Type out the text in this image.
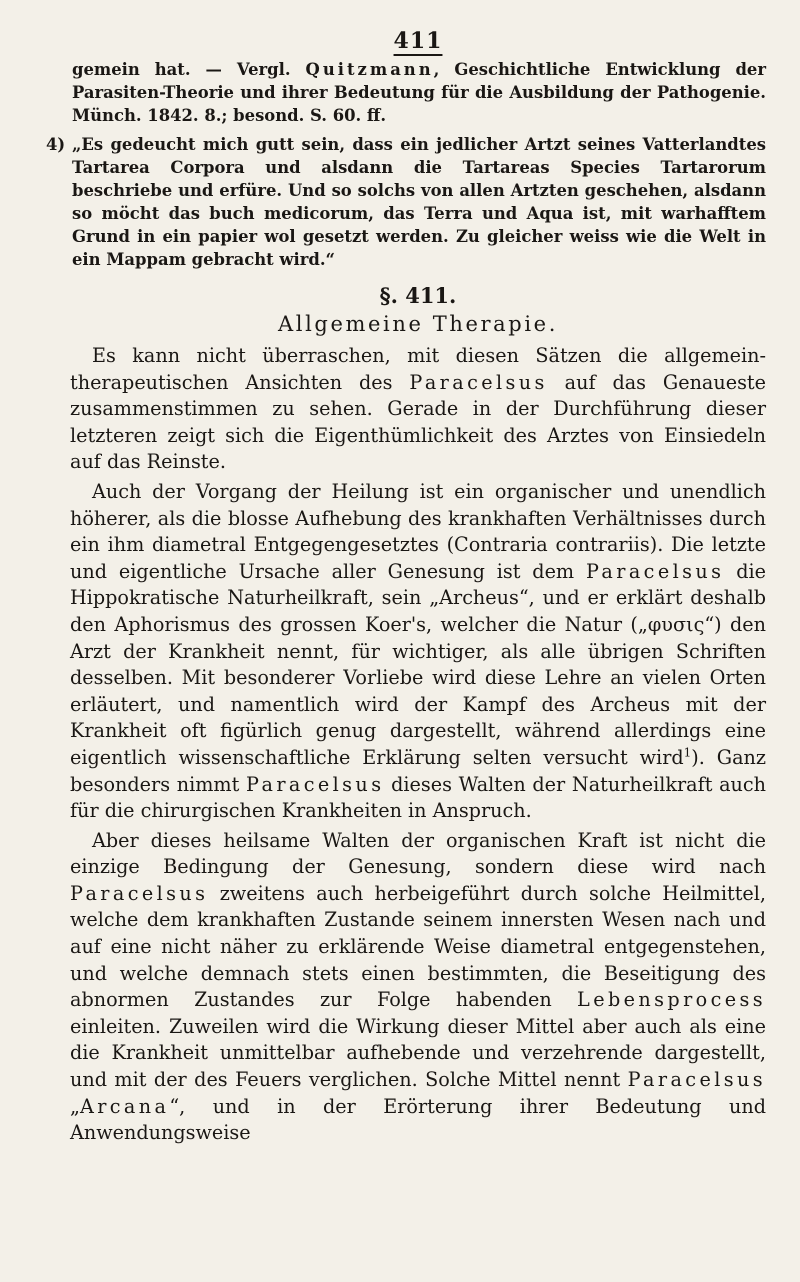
411
gemein hat. — Vergl. Quitzmann, Geschichtliche Entwicklung der Parasiten-Theorie und ihrer Bedeutung für die Ausbildung der Pathogenie. Münch. 1842. 8.; besond. S. 60. ff.
4) „Es gedeucht mich gutt sein, dass ein jedlicher Artzt seines Vatterlandtes Tartarea Corpora und alsdann die Tartareas Species Tartarorum beschriebe und erfüre. Und so solchs von allen Artzten geschehen, alsdann so möcht das buch medicorum, das Terra und Aqua ist, mit warhafftem Grund in ein papier wol gesetzt werden. Zu gleicher weiss wie die Welt in ein Mappam gebracht wird.“
§. 411.
Allgemeine Therapie.

Es kann nicht überraschen, mit diesen Sätzen die allgemein-therapeutischen Ansichten des Paracelsus auf das Genaueste zusammenstimmen zu sehen. Gerade in der Durchführung dieser letzteren zeigt sich die Eigenthümlichkeit des Arztes von Einsiedeln auf das Reinste.

Auch der Vorgang der Heilung ist ein organischer und unendlich höherer, als die blosse Aufhebung des krankhaften Verhältnisses durch ein ihm diametral Entgegengesetztes (Contraria contrariis). Die letzte und eigentliche Ursache aller Genesung ist dem Paracelsus die Hippokratische Naturheilkraft, sein „Archeus“, und er erklärt deshalb den Aphorismus des grossen Koer's, welcher die Natur („φυσις“) den Arzt der Krankheit nennt, für wichtiger, als alle übrigen Schriften desselben. Mit besonderer Vorliebe wird diese Lehre an vielen Orten erläutert, und namentlich wird der Kampf des Archeus mit der Krankheit oft figürlich genug dargestellt, während allerdings eine eigentlich wissenschaftliche Erklärung selten versucht wird$^1$). Ganz besonders nimmt Paracelsus dieses Walten der Naturheilkraft auch für die chirurgischen Krankheiten in Anspruch.

Aber dieses heilsame Walten der organischen Kraft ist nicht die einzige Bedingung der Genesung, sondern diese wird nach Paracelsus zweitens auch herbeigeführt durch solche Heilmittel, welche dem krankhaften Zustande seinem innersten Wesen nach und auf eine nicht näher zu erklärende Weise diametral entgegenstehen, und welche demnach stets einen bestimmten, die Beseitigung des abnormen Zustandes zur Folge habenden Lebensprocess einleiten. Zuweilen wird die Wirkung dieser Mittel aber auch als eine die Krankheit unmittelbar aufhebende und verzehrende dargestellt, und mit der des Feuers verglichen. Solche Mittel nennt Paracelsus „Arcana“, und in der Erörterung ihrer Bedeutung und Anwendungsweise
